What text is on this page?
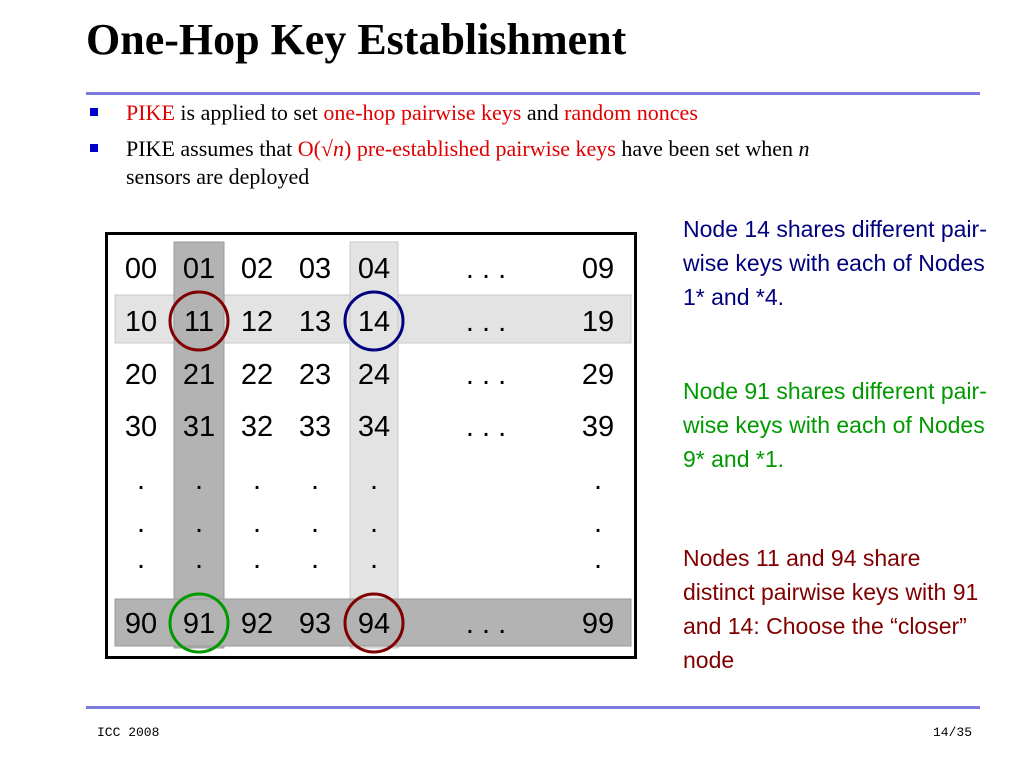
One-Hop Key Establishment
PIKE is applied to set one-hop pairwise keys and random nonces
PIKE assumes that O(√n) pre-established pairwise keys have been set when n
sensors are deployed
00 01 02 03 04	. . .	09
10 11 12 13 14	. . .	19
20 21 22 23 24	. . .	29
30 31 32 33 34	. . .	39
. . . . .	.
. . . . .	.
. . . . .	.
90 91 92 93 94	. . .	99

Node 14 shares different pair-wise keys with each of Nodes 1* and *4.

Node 91 shares different pair-wise keys with each of Nodes 9* and *1.

Nodes 11 and 94 share distinct pairwise keys with 91 and 14: Choose the “closer” node

ICC 2008	14/35
